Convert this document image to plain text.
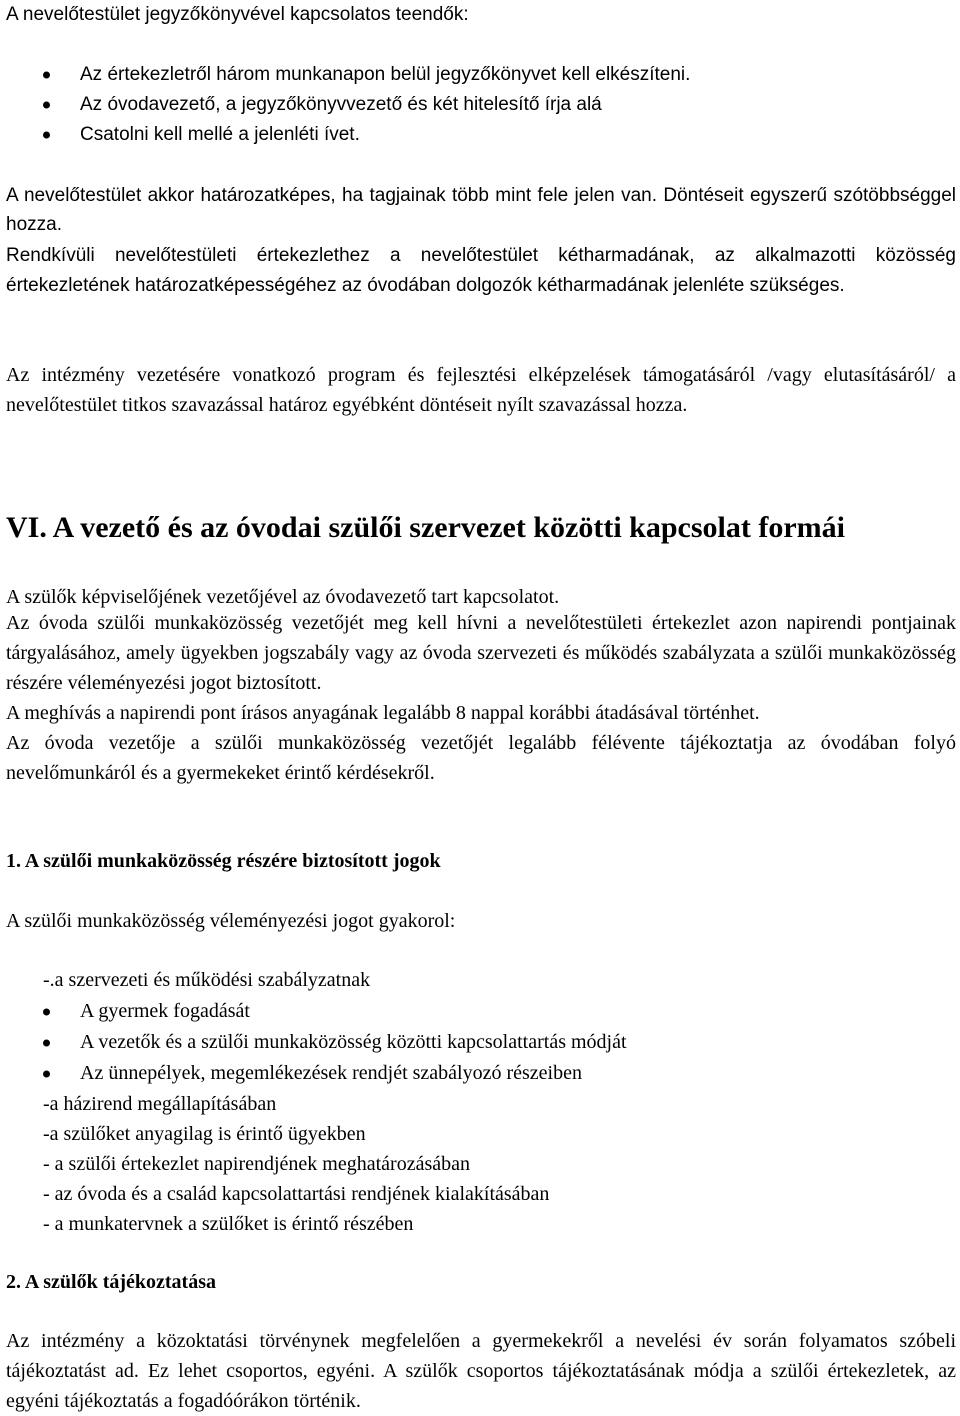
A nevelőtestület jegyzőkönyvével kapcsolatos teendők:

Az értekezletről három munkanapon belül jegyzőkönyvet kell elkészíteni.
Az óvodavezető, a jegyzőkönyvvezető és két hitelesítő írja alá
Csatolni kell mellé a jelenléti ívet.

A nevelőtestület akkor határozatképes, ha tagjainak több mint fele jelen van. Döntéseit egyszerű szótöbbséggel hozza.

Rendkívüli nevelőtestületi értekezlethez a nevelőtestület kétharmadának, az alkalmazotti közösség értekezletének határozatképességéhez az óvodában dolgozók kétharmadának jelenléte szükséges.

Az intézmény vezetésére vonatkozó program és fejlesztési elképzelések támogatásáról /vagy elutasításáról/ a nevelőtestület titkos szavazással határoz egyébként döntéseit nyílt szavazással hozza.

VI. A vezető és az óvodai szülői szervezet közötti kapcsolat formái

A szülők képviselőjének vezetőjével az óvodavezető tart kapcsolatot.

Az óvoda szülői munkaközösség vezetőjét meg kell hívni a nevelőtestületi értekezlet azon napirendi pontjainak tárgyalásához, amely ügyekben jogszabály vagy az óvoda szervezeti és működés szabályzata a szülői munkaközösség részére véleményezési jogot biztosított.

A meghívás a napirendi pont írásos anyagának legalább 8 nappal korábbi átadásával történhet.

Az óvoda vezetője a szülői munkaközösség vezetőjét legalább félévente tájékoztatja az óvodában folyó nevelőmunkáról és a gyermekeket érintő kérdésekről.

1. A szülői munkaközösség részére biztosított jogok

A szülői munkaközösség véleményezési jogot gyakorol:

-.a szervezeti és működési szabályzatnak

A gyermek fogadását
A vezetők és a szülői munkaközösség közötti kapcsolattartás módját
Az ünnepélyek, megemlékezések rendjét szabályozó részeiben

-a házirend megállapításában

-a szülőket anyagilag is érintő ügyekben

- a szülői értekezlet napirendjének meghatározásában

- az óvoda és a család kapcsolattartási rendjének kialakításában

- a munkatervnek a szülőket is érintő részében

2. A szülők tájékoztatása

Az intézmény a közoktatási törvénynek megfelelően a gyermekekről a nevelési év során folyamatos szóbeli tájékoztatást ad. Ez lehet csoportos, egyéni. A szülők csoportos tájékoztatásának módja a szülői értekezletek, az egyéni tájékoztatás a fogadóórákon történik.
